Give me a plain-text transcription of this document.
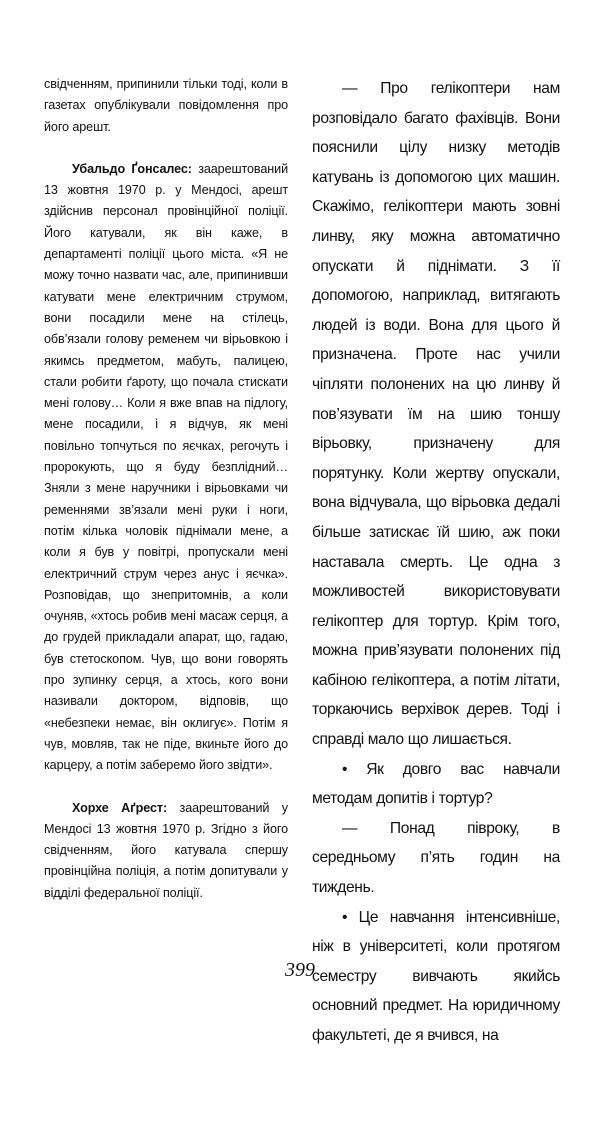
свідченням, припинили тільки тоді, коли в газетах опублікували повідомлення про його арешт.

Убальдо Ґонсалес: заарештований 13 жовтня 1970 р. у Мендосі, арешт здійснив персонал провінційної поліції. Його катували, як він каже, в департаменті поліції цього міста. «Я не можу точно назвати час, але, припинивши катувати мене електричним струмом, вони посадили мене на стілець, обв’язали голову ременем чи вірьовкою і якимсь предметом, мабуть, палицею, стали робити ґароту, що почала стискати мені голову… Коли я вже впав на підлогу, мене посадили, і я відчув, як мені повільно топчуться по яєчках, регочуть і пророкують, що я буду безплідний… Зняли з мене наручники і вірьовками чи ременнями зв’язали мені руки і ноги, потім кілька чоловік піднімали мене, а коли я був у повітрі, пропускали мені електричний струм через анус і яєчка». Розповідав, що знепритомнів, а коли очуняв, «хтось робив мені масаж серця, а до грудей прикладали апарат, що, гадаю, був стетоскопом. Чув, що вони говорять про зупинку серця, а хтось, кого вони називали доктором, відповів, що «небезпеки немає, він оклигує». Потім я чув, мовляв, так не піде, вкиньте його до карцеру, а потім заберемо його звідти».

Хорхе Аґрест: заарештований у Мендосі 13 жовтня 1970 р. Згідно з його свідченням, його катувала спершу провінційна поліція, а потім допитували у відділі федеральної поліції.

— Про гелікоптери нам розповідало багато фахівців. Вони пояснили цілу низку методів катувань із допомогою цих машин. Скажімо, гелікоптери мають зовні линву, яку можна автоматично опускати й піднімати. З її допомогою, наприклад, витягають людей із води. Вона для цього й призначена. Проте нас учили чіпляти полонених на цю линву й пов’язувати їм на шию тоншу вірьовку, призначену для порятунку. Коли жертву опускали, вона відчувала, що вірьовка дедалі більше затискає їй шию, аж поки наставала смерть. Це одна з можливостей використовувати гелікоптер для тортур. Крім того, можна прив’язувати полонених під кабіною гелікоптера, а потім літати, торкаючись верхівок дерев. Тоді і справді мало що лишається.

• Як довго вас навчали методам допитів і тортур?

— Понад півроку, в середньому п’ять годин на тиждень.

• Це навчання інтенсивніше, ніж в університеті, коли протягом семестру вивчають якийсь основний предмет. На юридичному факультеті, де я вчився, на

399
